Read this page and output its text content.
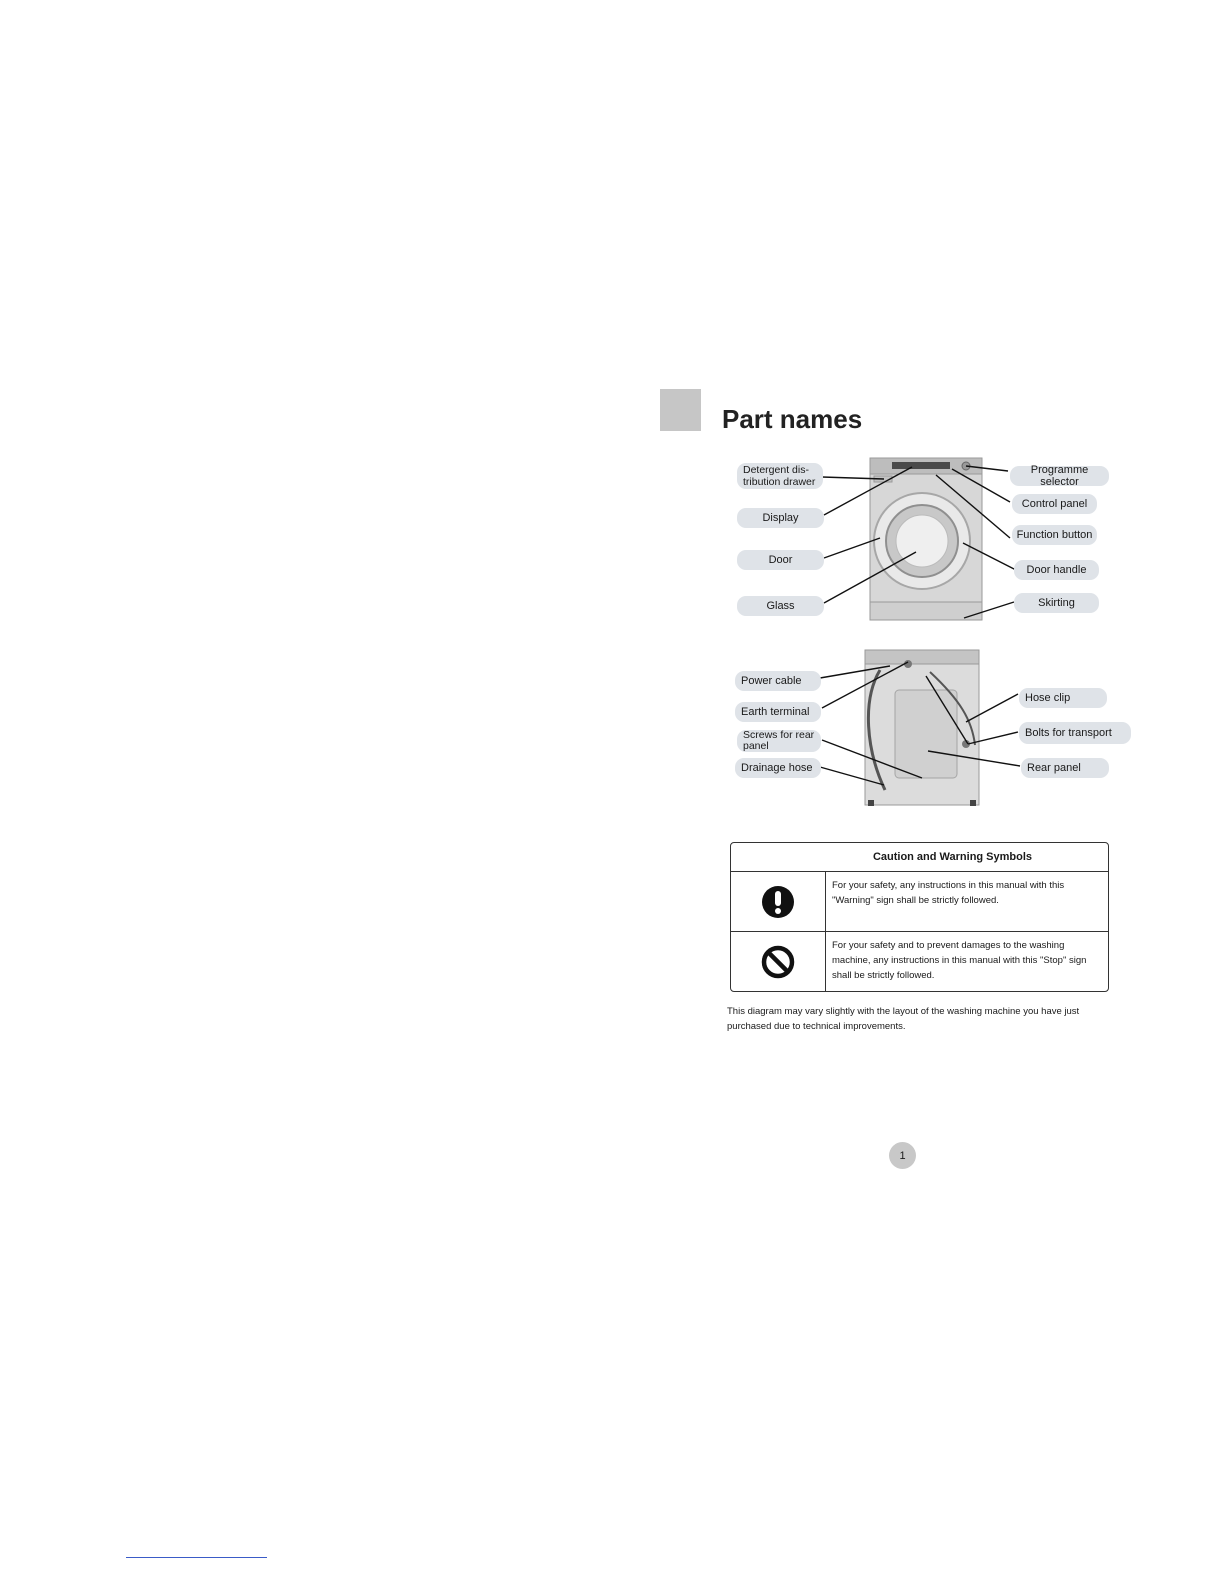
Part names
Detergent dis-
tribution drawer
Display
Door
Glass
Programme selector
Control panel
Function button
Door handle
Skirting
Power cable
Earth terminal
Screws for rear
panel
Drainage hose
Hose clip
Bolts for transport
Rear panel
Caution and Warning Symbols
For your safety, any instructions in this manual with this "Warning" sign shall be strictly followed.
For your safety and to prevent damages to the washing machine, any instructions in this manual with this "Stop" sign shall be strictly followed.
This diagram may vary slightly with the layout of the washing machine you have just purchased due to technical improvements.
1
